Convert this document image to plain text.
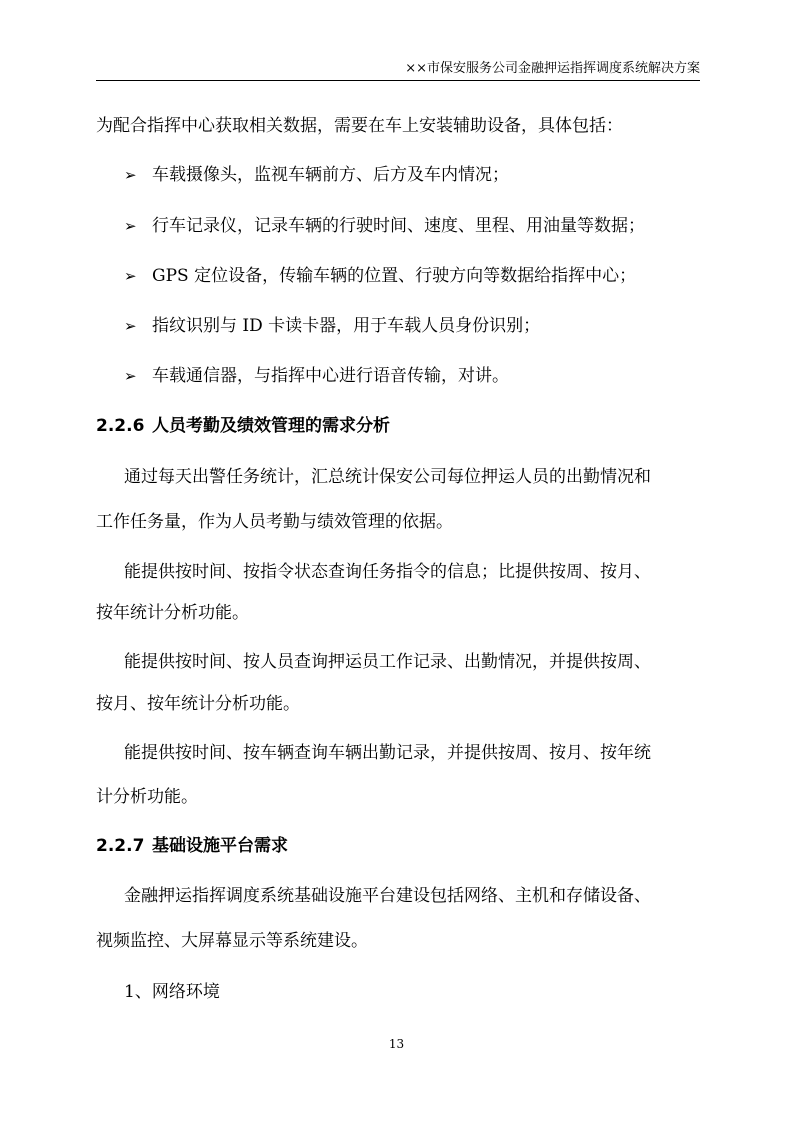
××市保安服务公司金融押运指挥调度系统解决方案
为配合指挥中心获取相关数据，需要在车上安装辅助设备，具体包括：
➢ 车载摄像头，监视车辆前方、后方及车内情况；
➢ 行车记录仪，记录车辆的行驶时间、速度、里程、用油量等数据；
➢ GPS 定位设备，传输车辆的位置、行驶方向等数据给指挥中心；
➢ 指纹识别与 ID 卡读卡器，用于车载人员身份识别；
➢ 车载通信器，与指挥中心进行语音传输，对讲。
2.2.6 人员考勤及绩效管理的需求分析
通过每天出警任务统计，汇总统计保安公司每位押运人员的出勤情况和
工作任务量，作为人员考勤与绩效管理的依据。
能提供按时间、按指令状态查询任务指令的信息；比提供按周、按月、
按年统计分析功能。
能提供按时间、按人员查询押运员工作记录、出勤情况，并提供按周、
按月、按年统计分析功能。
能提供按时间、按车辆查询车辆出勤记录，并提供按周、按月、按年统
计分析功能。
2.2.7 基础设施平台需求
金融押运指挥调度系统基础设施平台建设包括网络、主机和存储设备、
视频监控、大屏幕显示等系统建设。
1、网络环境
13
